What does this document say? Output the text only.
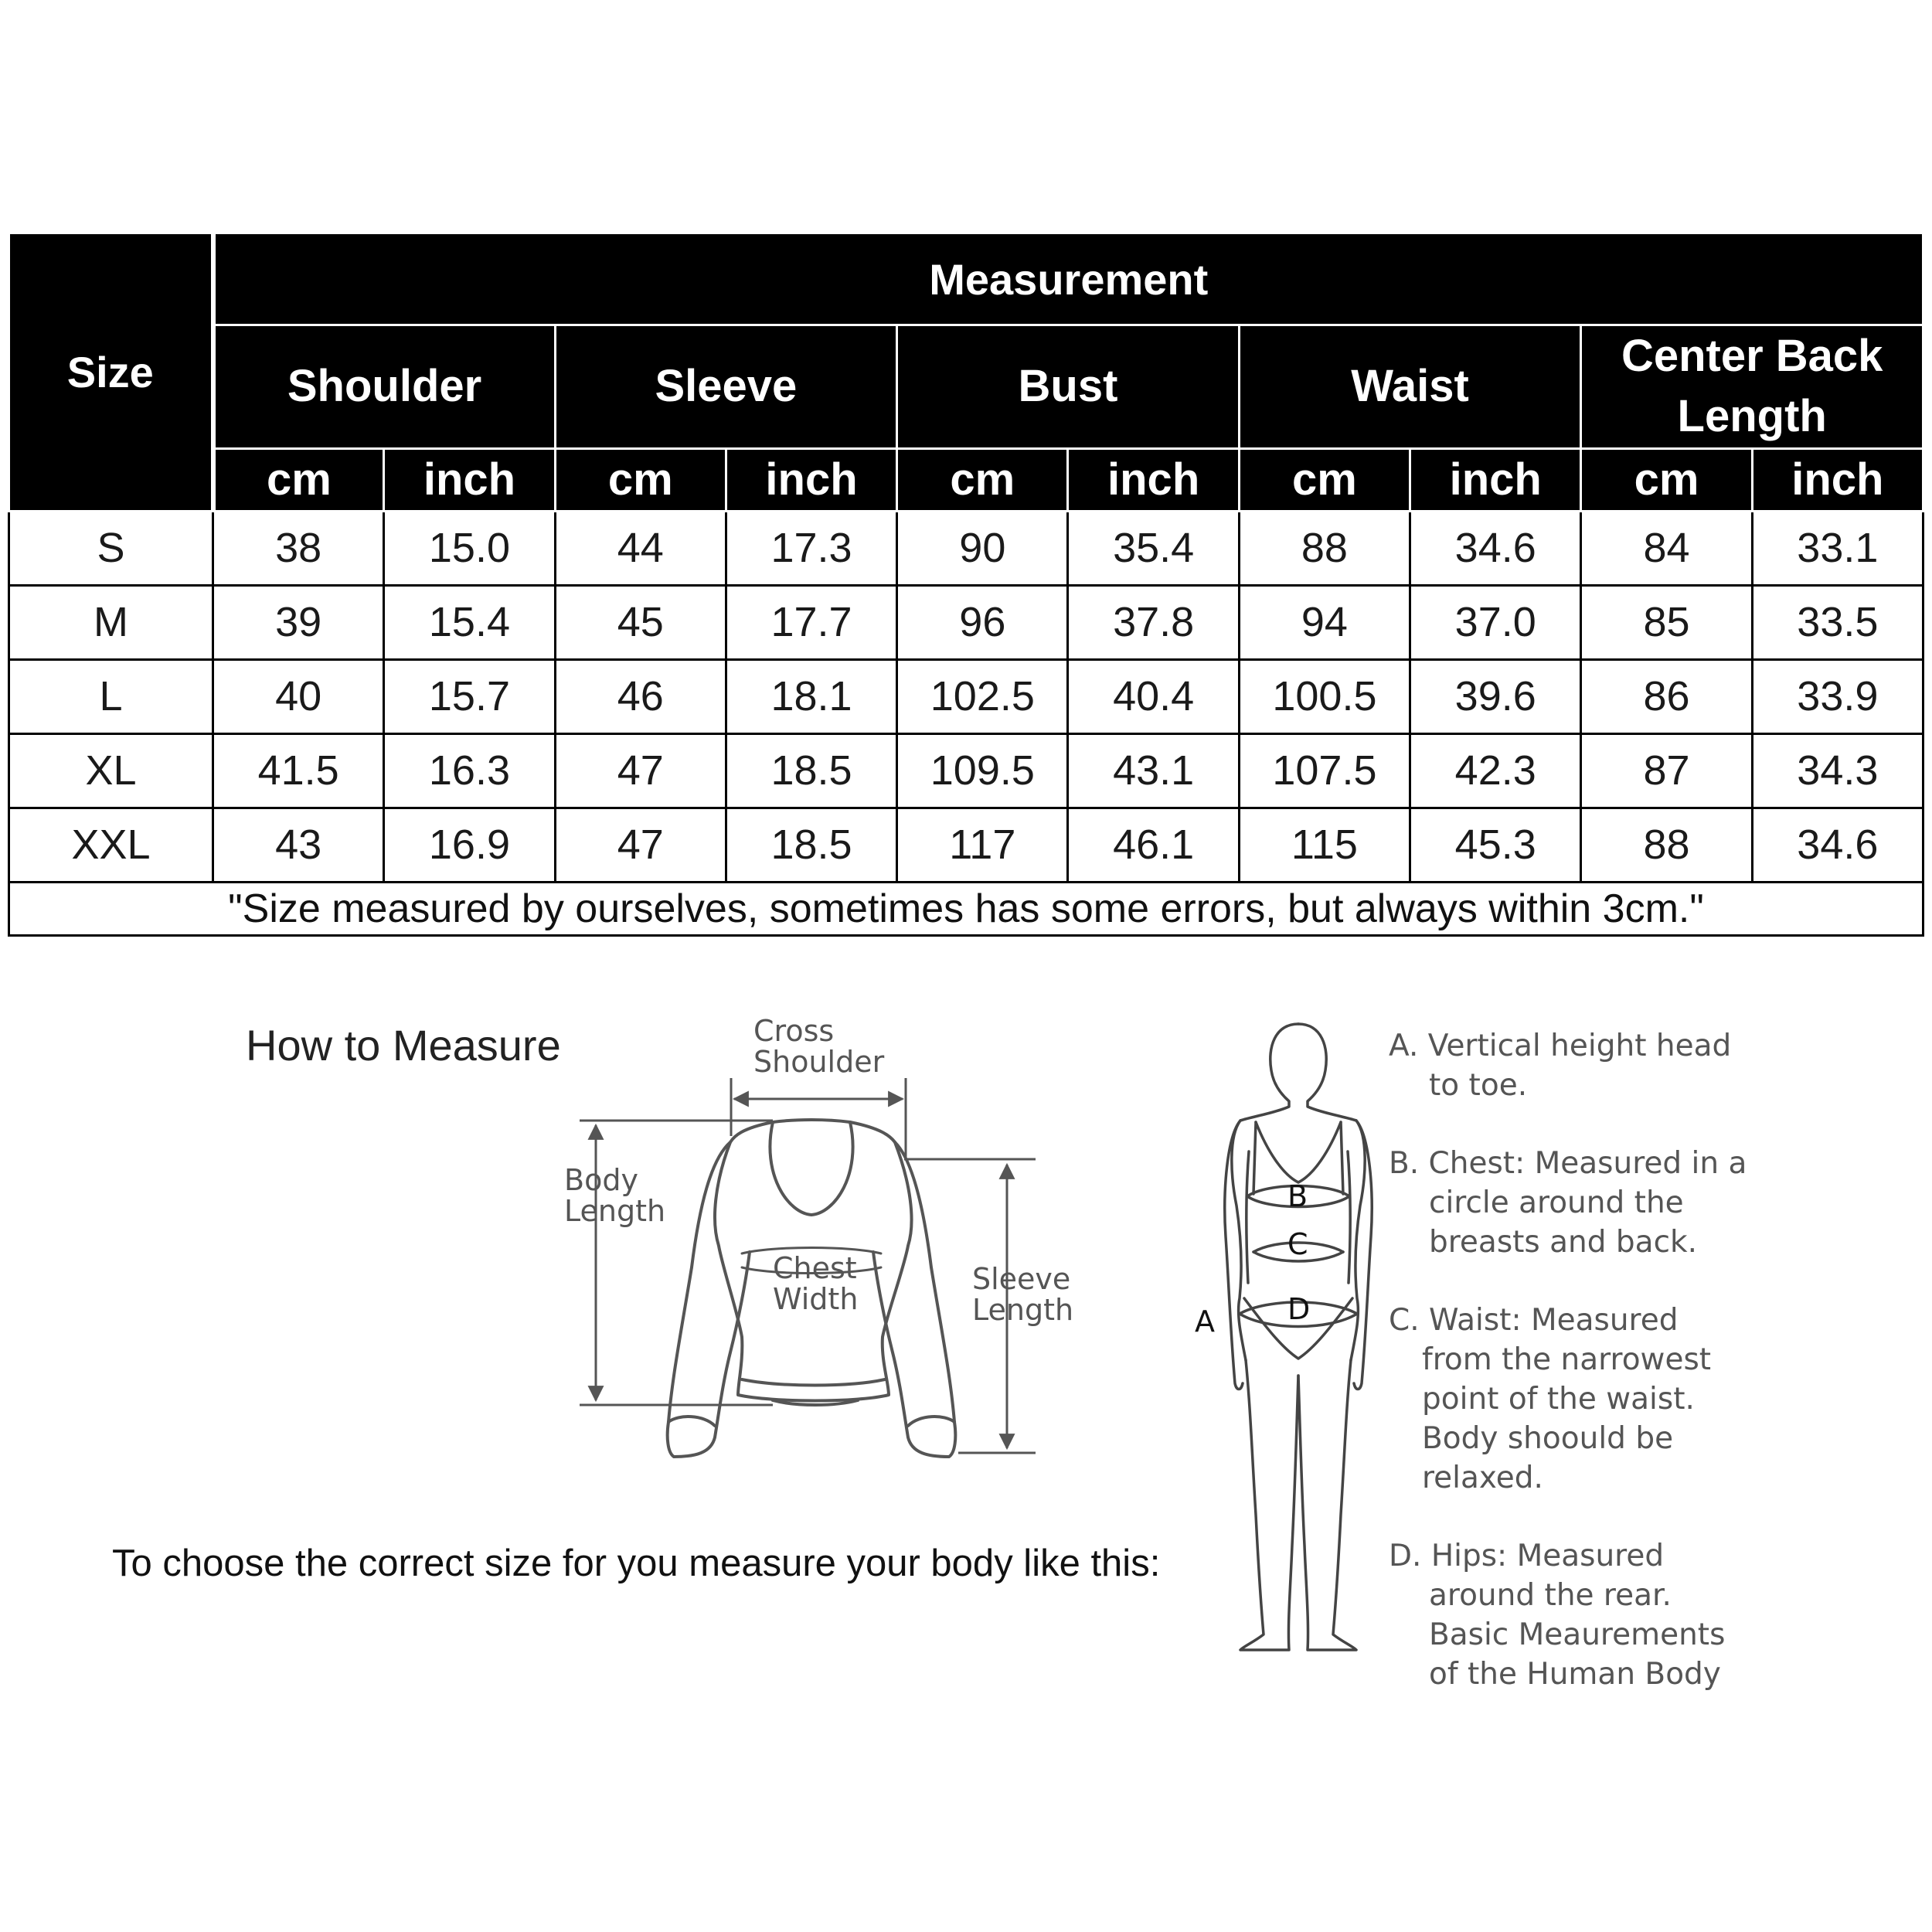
Size	Measurement									
	Shoulder		Sleeve		Bust		Waist		Center Back Length	
	cm	inch	cm	inch	cm	inch	cm	inch	cm	inch
S	38	15.0	44	17.3	90	35.4	88	34.6	84	33.1
M	39	15.4	45	17.7	96	37.8	94	37.0	85	33.5
L	40	15.7	46	18.1	102.5	40.4	100.5	39.6	86	33.9
XL	41.5	16.3	47	18.5	109.5	43.1	107.5	42.3	87	34.3
XXL	43	16.9	47	18.5	117	46.1	115	45.3	88	34.6
"Size measured by ourselves, sometimes has some errors, but always within 3cm."										
How to Measure
To choose the correct size for you measure your body like this:
Cross
Shoulder
Body
Length
Chest
Width
Sleeve
Length	A
B
C
D
A. Vertical height head
to toe.
B. Chest: Measured in a
circle around the
breasts and back.
C. Waist: Measured
from the narrowest
point of the waist.
Body shoould be
relaxed.
D. Hips: Measured
around the rear.
Basic Meaurements
of the Human Body
